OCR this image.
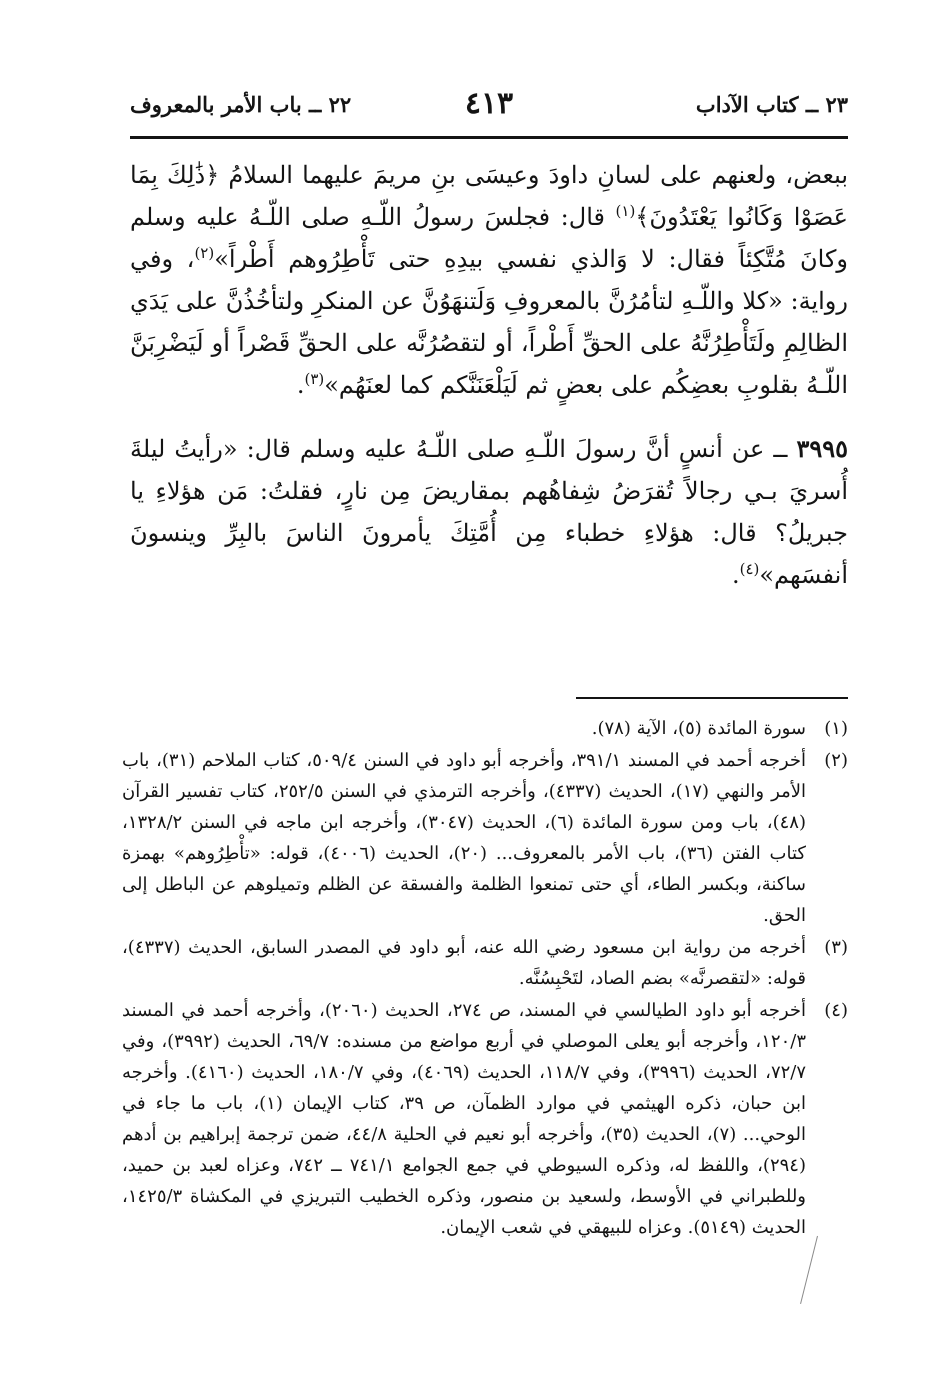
٢٣ ــ كتاب الآداب
٤١٣
٢٢ ــ باب الأمر بالمعروف

ببعض، ولعنهم على لسانِ داودَ وعيسَى بنِ مريمَ عليهما السلامُ ﴿ذَٰلِكَ بِمَا عَصَوْا وَكَانُوا يَعْتَدُونَ﴾$^{(١)}$ قال: فجلسَ رسولُ اللّـهِ صلى اللّـهُ عليه وسلم وكانَ مُتَّكِئاً فقال: لا وَالذي نفسي بيدِهِ حتى تَأْطِرُوهم أَطْراً»$^{(٢)}$، وفي رواية: «كلا واللّـهِ لتأمُرُنَّ بالمعروفِ وَلَتنهَوُنَّ عن المنكرِ ولتأخُذُنَّ على يَدَي الظالِمِ ولَتَأْطِرُنَّهُ على الحقِّ أَطْراً، أو لتقصُرُنَّه على الحقِّ قَصْراً أو لَيَضْرِبَنَّ اللّـهُ بقلوبِ بعضِكُم على بعضٍ ثم لَيَلْعَنَنَّكم كما لعنَهُم»$^{(٣)}$.

٣٩٩٥ ــ عن أنسٍ أنَّ رسولَ اللّـهِ صلى اللّـهُ عليه وسلم قال: «رأيتُ ليلةَ أُسريَ بـي رجالاً تُقرَضُ شِفاهُهم بمقاريضَ مِن نارٍ، فقلتُ: مَن هؤلاءِ يا جبريلُ؟ قال: هؤلاءِ خطباء مِن أُمَّتِكَ يأمرونَ الناسَ بالبِرِّ وينسونَ أنفسَهم»$^{(٤)}$.

(١)
سورة المائدة (٥)، الآية (٧٨).

(٢)
أخرجه أحمد في المسند ٣٩١/١، وأخرجه أبو داود في السنن ٥٠٩/٤، كتاب الملاحم (٣١)، باب الأمر والنهي (١٧)، الحديث (٤٣٣٧)، وأخرجه الترمذي في السنن ٢٥٢/٥، كتاب تفسير القرآن (٤٨)، باب ومن سورة المائدة (٦)، الحديث (٣٠٤٧)، وأخرجه ابن ماجه في السنن ١٣٢٨/٢، كتاب الفتن (٣٦)، باب الأمر بالمعروف... (٢٠)، الحديث (٤٠٠٦)، قوله: «تأْطِرُوهم» بهمزة ساكنة، وبكسر الطاء، أي حتى تمنعوا الظلمة والفسقة عن الظلم وتميلوهم عن الباطل إلى الحق.

(٣)
أخرجه من رواية ابن مسعود رضي الله عنه، أبو داود في المصدر السابق، الحديث (٤٣٣٧)، قوله: «لتقصرنَّه» بضم الصاد، لتَحْبِسُنَّه.

(٤)
أخرجه أبو داود الطيالسي في المسند، ص ٢٧٤، الحديث (٢٠٦٠)، وأخرجه أحمد في المسند ١٢٠/٣، وأخرجه أبو يعلى الموصلي في أربع مواضع من مسنده: ٦٩/٧، الحديث (٣٩٩٢)، وفي ٧٢/٧، الحديث (٣٩٩٦)، وفي ١١٨/٧، الحديث (٤٠٦٩)، وفي ١٨٠/٧، الحديث (٤١٦٠). وأخرجه ابن حبان، ذكره الهيثمي في موارد الظمآن، ص ٣٩، كتاب الإيمان (١)، باب ما جاء في الوحي... (٧)، الحديث (٣٥)، وأخرجه أبو نعيم في الحلية ٤٤/٨، ضمن ترجمة إبراهيم بن أدهم (٢٩٤)، واللفظ له، وذكره السيوطي في جمع الجوامع ٧٤١/١ ــ ٧٤٢، وعزاه لعبد بن حميد، وللطبراني في الأوسط، ولسعيد بن منصور، وذكره الخطيب التبريزي في المكشاة ١٤٢٥/٣، الحديث (٥١٤٩). وعزاه للبيهقي في شعب الإيمان.
